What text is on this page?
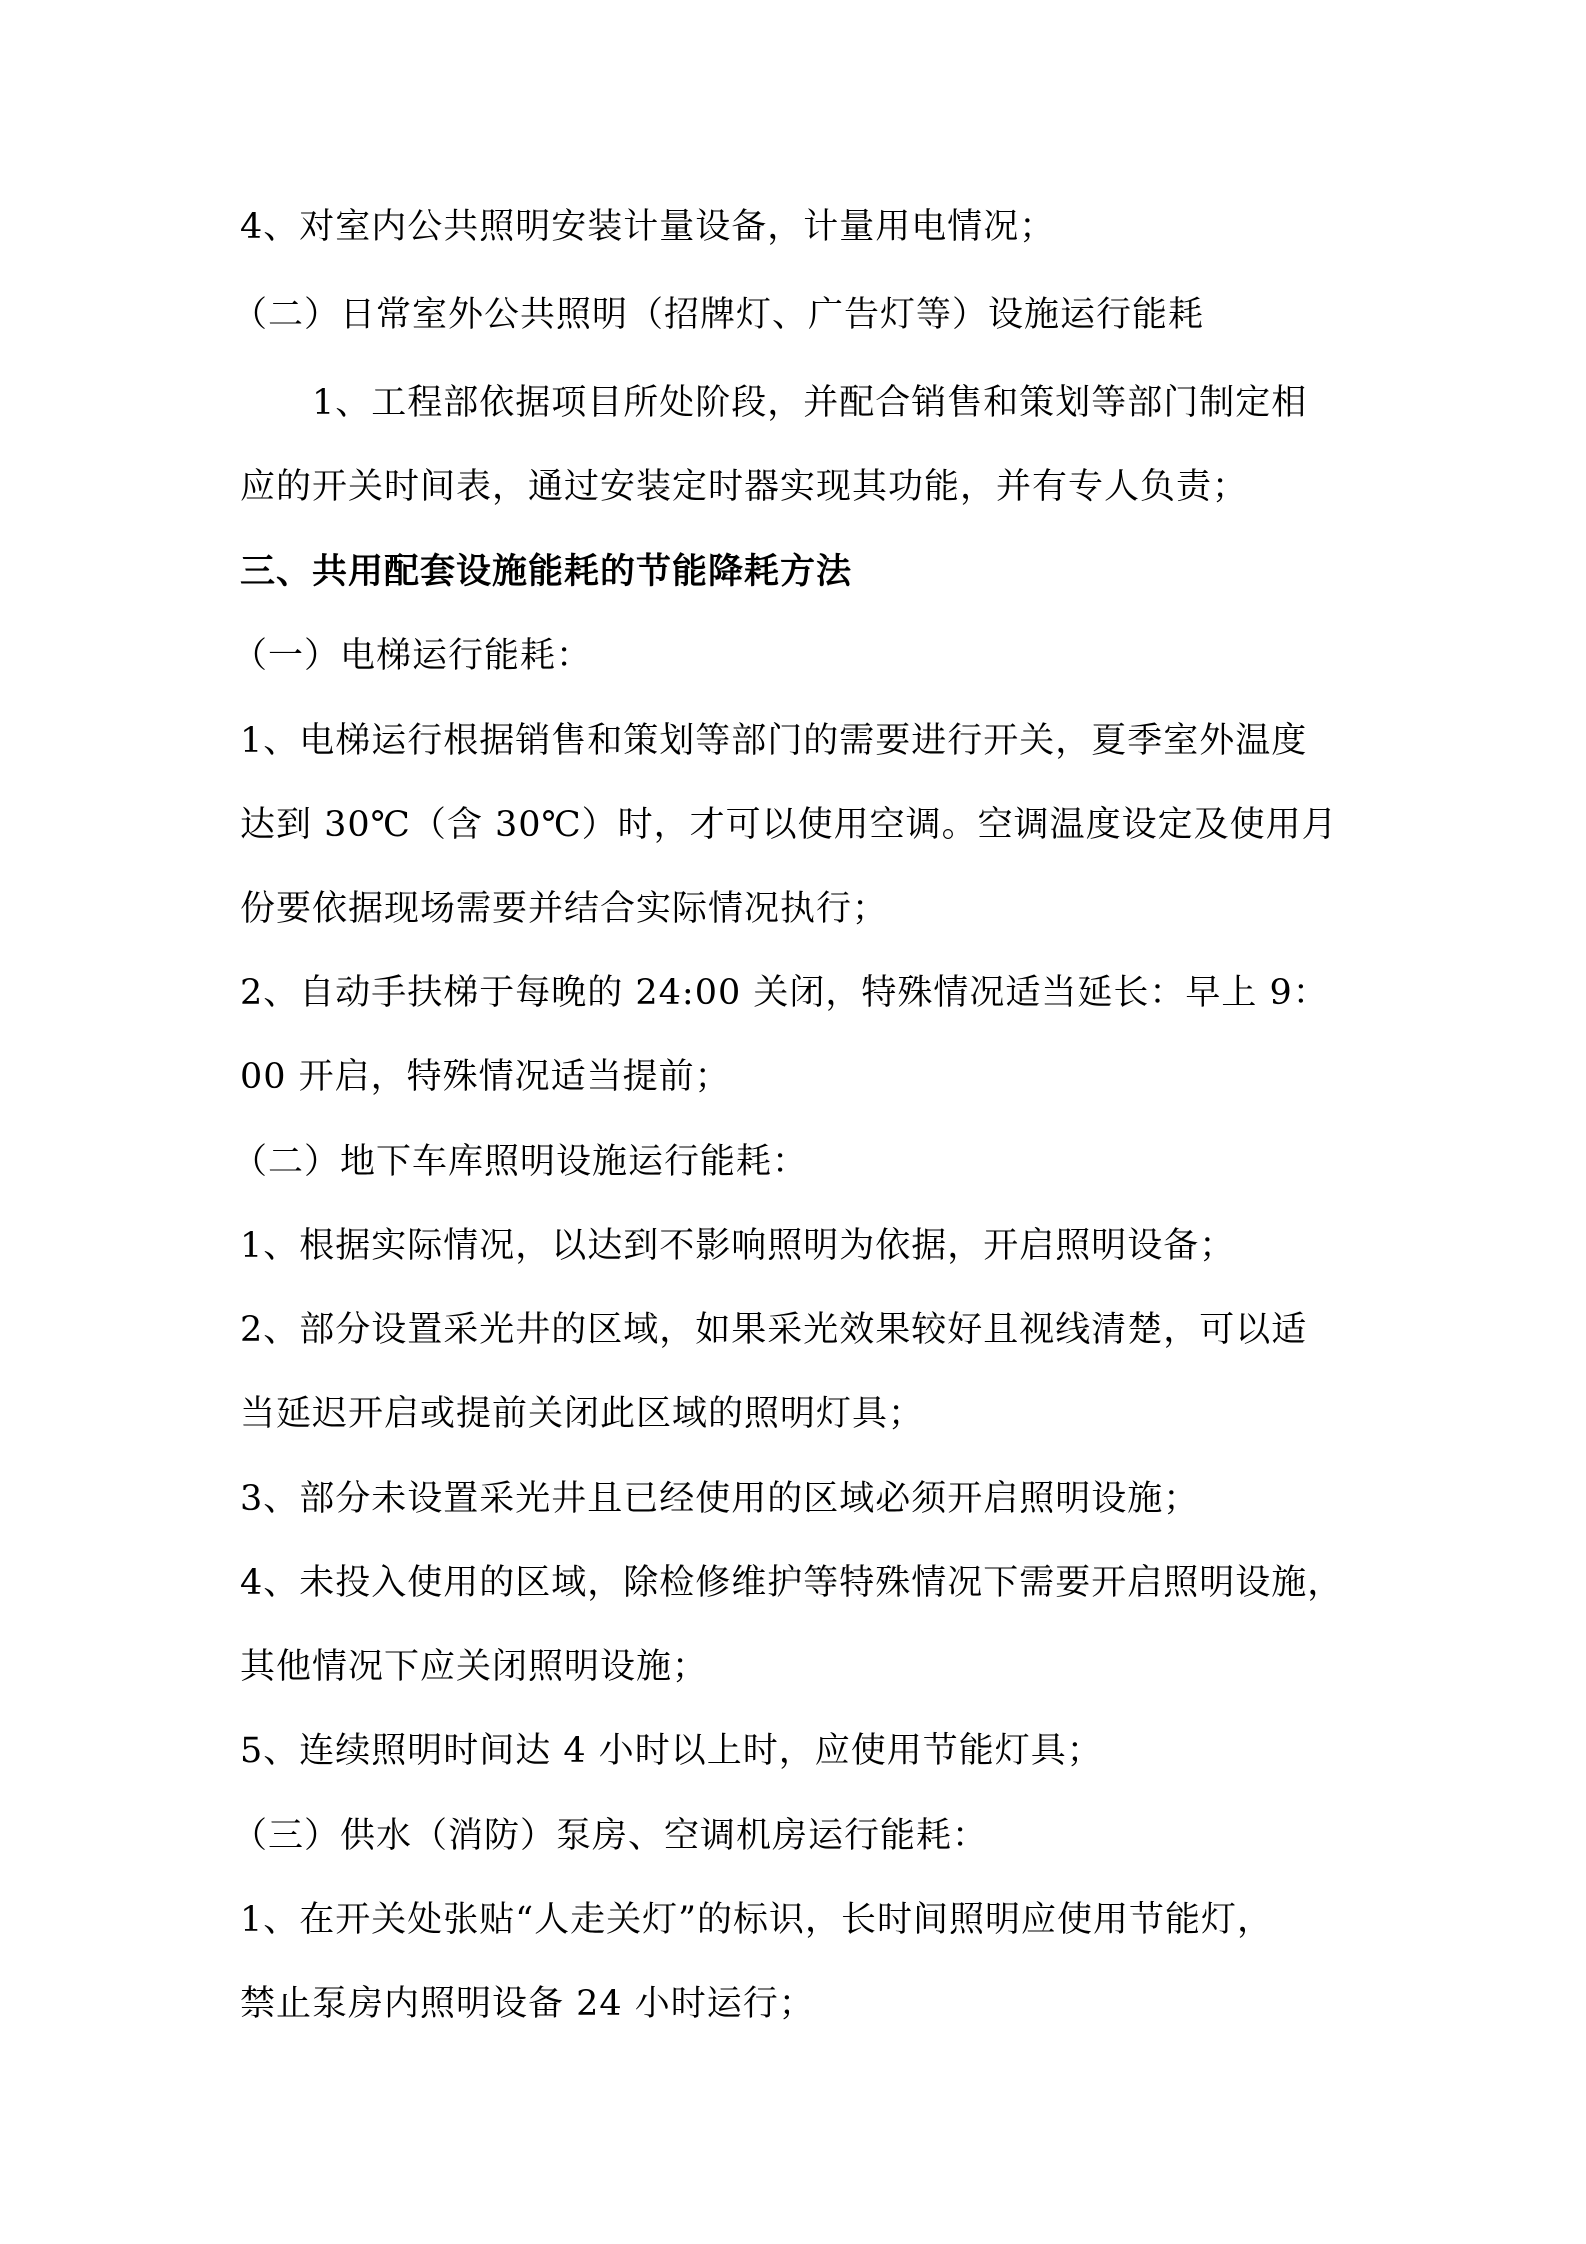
4、对室内公共照明安装计量设备，计量用电情况；
（二）日常室外公共照明（招牌灯、广告灯等）设施运行能耗
1、工程部依据项目所处阶段，并配合销售和策划等部门制定相
应的开关时间表，通过安装定时器实现其功能，并有专人负责；
三、共用配套设施能耗的节能降耗方法
（一）电梯运行能耗：
1、电梯运行根据销售和策划等部门的需要进行开关，夏季室外温度
达到 30℃（含 30℃）时，才可以使用空调。空调温度设定及使用月
份要依据现场需要并结合实际情况执行；
2、自动手扶梯于每晚的 24:00 关闭，特殊情况适当延长：早上 9：
00 开启，特殊情况适当提前；
（二）地下车库照明设施运行能耗：
1、根据实际情况，以达到不影响照明为依据，开启照明设备；
2、部分设置采光井的区域，如果采光效果较好且视线清楚，可以适
当延迟开启或提前关闭此区域的照明灯具；
3、部分未设置采光井且已经使用的区域必须开启照明设施；
4、未投入使用的区域，除检修维护等特殊情况下需要开启照明设施，
其他情况下应关闭照明设施；
5、连续照明时间达 4 小时以上时，应使用节能灯具；
（三）供水（消防）泵房、空调机房运行能耗：
1、在开关处张贴“人走关灯”的标识，长时间照明应使用节能灯，
禁止泵房内照明设备 24 小时运行；
